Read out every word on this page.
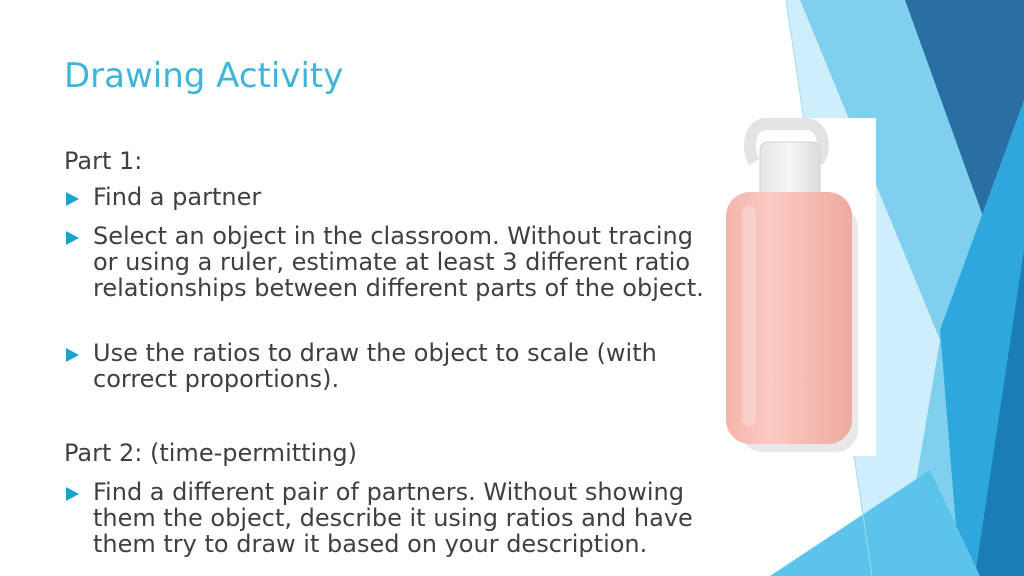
Drawing Activity
Part 1:
Find a partner
Select an object in the classroom. Without tracing or using a ruler, estimate at least 3 different ratio relationships between different parts of the object.
Use the ratios to draw the object to scale (with correct proportions).
Part 2: (time-permitting)
Find a different pair of partners. Without showing them the object, describe it using ratios and have them try to draw it based on your description.
